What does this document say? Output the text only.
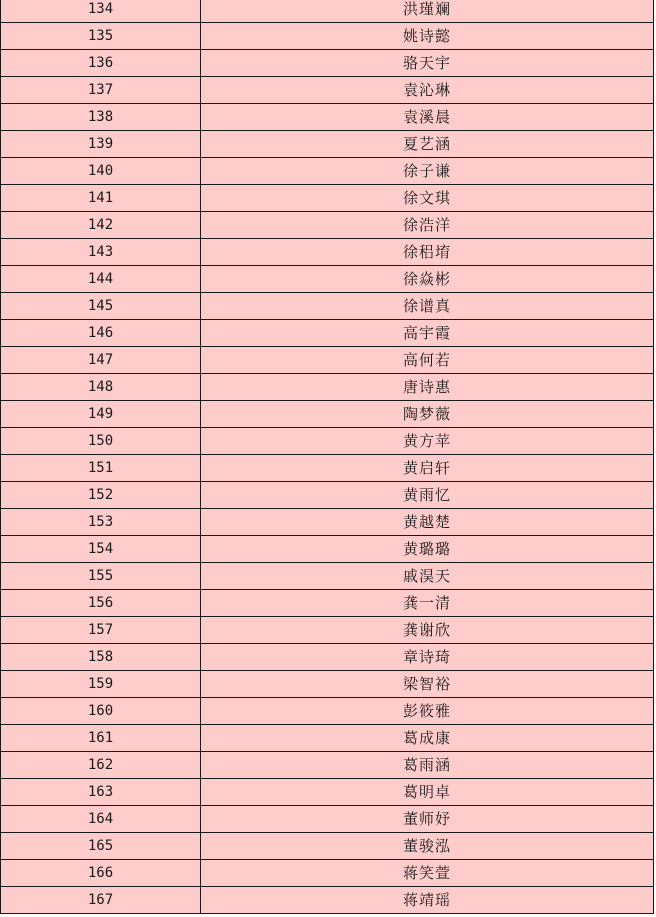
134	洪瑾斓
135	姚诗懿
136	骆天宇
137	袁沁琳
138	袁溪晨
139	夏艺涵
140	徐子谦
141	徐文琪
142	徐浩洋
143	徐稆堉
144	徐焱彬
145	徐谱真
146	高宇霞
147	高何若
148	唐诗惠
149	陶梦薇
150	黄方苹
151	黄启轩
152	黄雨忆
153	黄越楚
154	黄璐璐
155	戚淏天
156	龚一清
157	龚谢欣
158	章诗琦
159	梁智裕
160	彭筱雅
161	葛成康
162	葛雨涵
163	葛明卓
164	董师妤
165	董骏泓
166	蒋笑萱
167	蒋靖瑶
